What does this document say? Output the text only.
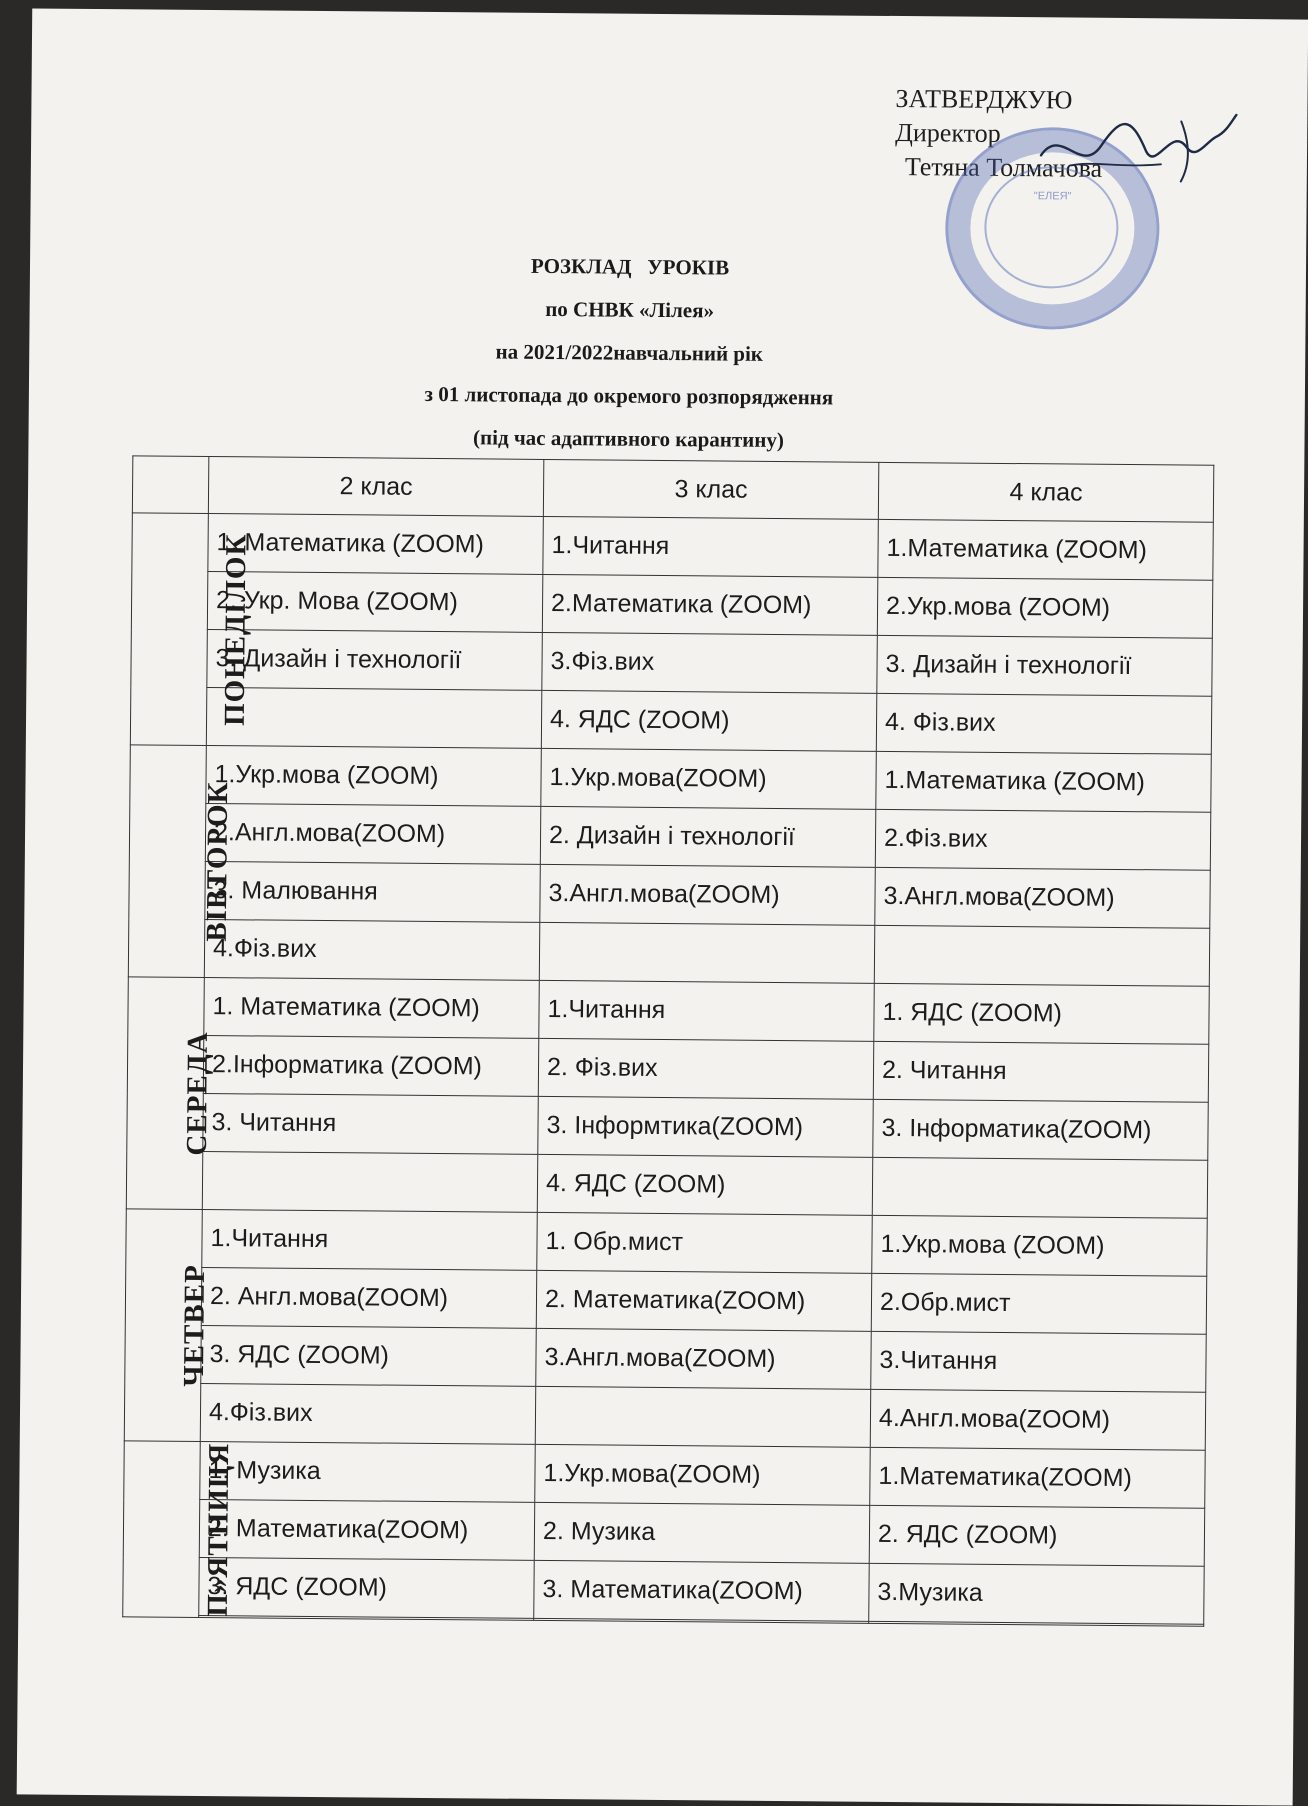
ЗАТВЕРДЖУЮ
Директор
Тетяна Толмачова
"ЕЛЕЯ"
РОЗКЛАД   УРОКІВ
по СНВК «Лілея»
на 2021/2022навчальний рік
з 01 листопада до окремого розпорядження
(під час адаптивного карантину)
	2 клас	3 клас	4 клас
ПОНЕДІЛОК	1. Математика (ZOOM)	1.Читання	1.Математика (ZOOM)
	2. Укр. Мова (ZOOM)	2.Математика (ZOOM)	2.Укр.мова (ZOOM)
	3. Дизайн і технології	3.Фіз.вих	3. Дизайн і технології
		4. ЯДС (ZOOM)	4. Фіз.вих
ВІВТОРОК	1.Укр.мова (ZOOM)	1.Укр.мова(ZOOM)	1.Математика (ZOOM)
	2.Англ.мова(ZOOM)	2. Дизайн і технології	2.Фіз.вих
	3. Малювання	3.Англ.мова(ZOOM)	3.Англ.мова(ZOOM)
	4.Фіз.вих		
СЕРЕДА	1. Математика (ZOOM)	1.Читання	1. ЯДС (ZOOM)
	2.Інформатика (ZOOM)	2. Фіз.вих	2. Читання
	3. Читання	3. Інформтика(ZOOM)	3. Інформатика(ZOOM)
		4. ЯДС (ZOOM)	
ЧЕТВЕР	1.Читання	1. Обр.мист	1.Укр.мова (ZOOM)
	2. Англ.мова(ZOOM)	2. Математика(ZOOM)	2.Обр.мист
	3. ЯДС (ZOOM)	3.Англ.мова(ZOOM)	3.Читання
	4.Фіз.вих		4.Англ.мова(ZOOM)
П»ЯТНИЦЯ	1. Музика	1.Укр.мова(ZOOM)	1.Математика(ZOOM)
	2. Математика(ZOOM)	2. Музика	2. ЯДС (ZOOM)
	3. ЯДС (ZOOM)	3. Математика(ZOOM)	3.Музика
